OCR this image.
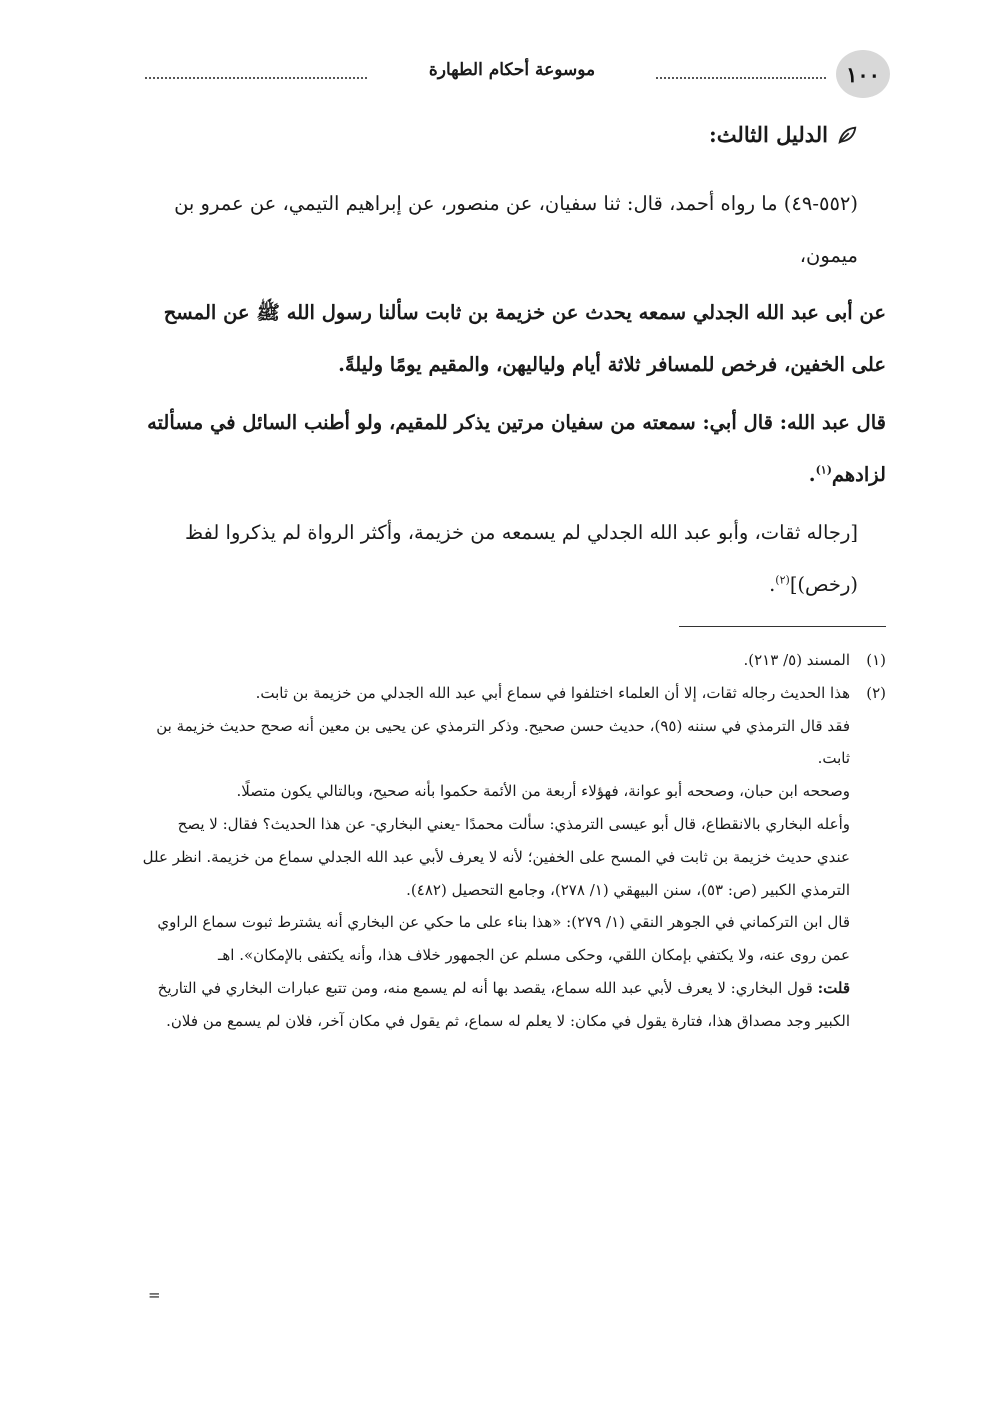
١٠٠
موسوعة أحكام الطهارة
الدليل الثالث:

(٥٥٢-٤٩) ما رواه أحمد، قال: ثنا سفيان، عن منصور، عن إبراهيم التيمي، عن عمرو بن ميمون،

عن أبى عبد الله الجدلي سمعه يحدث عن خزيمة بن ثابت سألنا رسول الله ﷺ عن المسح على الخفين، فرخص للمسافر ثلاثة أيام ولياليهن، والمقيم يومًا وليلةً.

قال عبد الله: قال أبي: سمعته من سفيان مرتين يذكر للمقيم، ولو أطنب السائل في مسألته لزادهم$^{(١)}$.

[رجاله ثقات، وأبو عبد الله الجدلي لم يسمعه من خزيمة، وأكثر الرواة لم يذكروا لفظ (رخص)]$^{(٢)}$.

(١)
المسند (٥/ ٢١٣).
(٢)
هذا الحديث رجاله ثقات، إلا أن العلماء اختلفوا في سماع أبي عبد الله الجدلي من خزيمة بن ثابت.

فقد قال الترمذي في سننه (٩٥)، حديث حسن صحيح. وذكر الترمذي عن يحيى بن معين أنه صحح حديث خزيمة بن ثابت.

وصححه ابن حبان، وصححه أبو عوانة، فهؤلاء أربعة من الأئمة حكموا بأنه صحيح، وبالتالي يكون متصلًا.

وأعله البخاري بالانقطاع، قال أبو عيسى الترمذي: سألت محمدًا -يعني البخاري- عن هذا الحديث؟ فقال: لا يصح عندي حديث خزيمة بن ثابت في المسح على الخفين؛ لأنه لا يعرف لأبي عبد الله الجدلي سماع من خزيمة. انظر علل الترمذي الكبير (ص: ٥٣)، سنن البيهقي (١/ ٢٧٨)، وجامع التحصيل (٤٨٢).

قال ابن التركماني في الجوهر النقي (١/ ٢٧٩): «هذا بناء على ما حكي عن البخاري أنه يشترط ثبوت سماع الراوي عمن روى عنه، ولا يكتفي بإمكان اللقي، وحكى مسلم عن الجمهور خلاف هذا، وأنه يكتفى بالإمكان». اهـ

قلت: قول البخاري: لا يعرف لأبي عبد الله سماع، يقصد بها أنه لم يسمع منه، ومن تتبع عبارات البخاري في التاريخ الكبير وجد مصداق هذا، فتارة يقول في مكان: لا يعلم له سماع، ثم يقول في مكان آخر، فلان لم يسمع من فلان.

=
